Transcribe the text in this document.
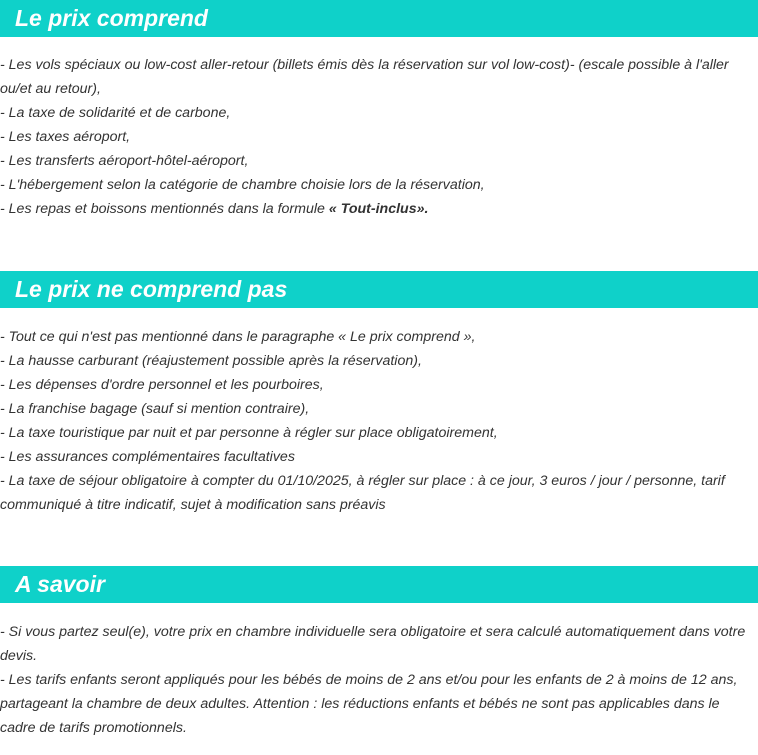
Le prix comprend
- Les vols spéciaux ou low-cost aller-retour (billets émis dès la réservation sur vol low-cost)- (escale possible à l'aller ou/et au retour),
- La taxe de solidarité et de carbone,
- Les taxes aéroport,
- Les transferts aéroport-hôtel-aéroport,
- L'hébergement selon la catégorie de chambre choisie lors de la réservation,
- Les repas et boissons mentionnés dans la formule « Tout-inclus».
Le prix ne comprend pas
- Tout ce qui n'est pas mentionné dans le paragraphe « Le prix comprend »,
- La hausse carburant (réajustement possible après la réservation),
- Les dépenses d'ordre personnel et les pourboires,
- La franchise bagage (sauf si mention contraire),
- La taxe touristique par nuit et par personne à régler sur place obligatoirement,
- Les assurances complémentaires facultatives
- La taxe de séjour obligatoire à compter du 01/10/2025, à régler sur place : à ce jour, 3 euros / jour / personne, tarif communiqué à titre indicatif, sujet à modification sans préavis
A savoir
- Si vous partez seul(e), votre prix en chambre individuelle sera obligatoire et sera calculé automatiquement dans votre devis.
- Les tarifs enfants seront appliqués pour les bébés de moins de 2 ans et/ou pour les enfants de 2 à moins de 12 ans, partageant la chambre de deux adultes. Attention : les réductions enfants et bébés ne sont pas applicables dans le cadre de tarifs promotionnels.
